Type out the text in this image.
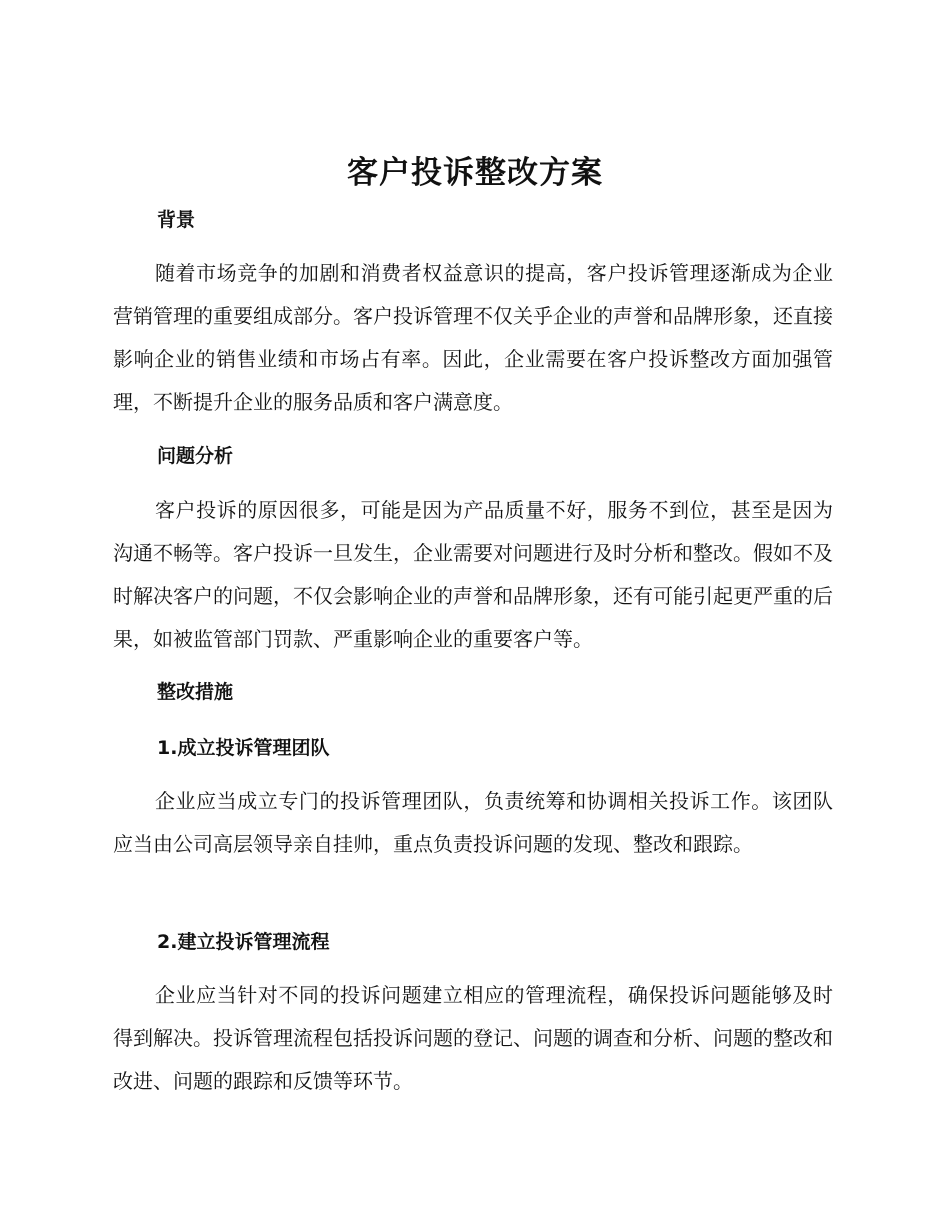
客户投诉整改方案
背景

随着市场竞争的加剧和消费者权益意识的提高，客户投诉管理逐渐成为企业营销管理的重要组成部分。客户投诉管理不仅关乎企业的声誉和品牌形象，还直接影响企业的销售业绩和市场占有率。因此，企业需要在客户投诉整改方面加强管理，不断提升企业的服务品质和客户满意度。

问题分析

客户投诉的原因很多，可能是因为产品质量不好，服务不到位，甚至是因为沟通不畅等。客户投诉一旦发生，企业需要对问题进行及时分析和整改。假如不及时解决客户的问题，不仅会影响企业的声誉和品牌形象，还有可能引起更严重的后果，如被监管部门罚款、严重影响企业的重要客户等。

整改措施
1.成立投诉管理团队

企业应当成立专门的投诉管理团队，负责统筹和协调相关投诉工作。该团队应当由公司高层领导亲自挂帅，重点负责投诉问题的发现、整改和跟踪。

2.建立投诉管理流程

企业应当针对不同的投诉问题建立相应的管理流程，确保投诉问题能够及时得到解决。投诉管理流程包括投诉问题的登记、问题的调查和分析、问题的整改和改进、问题的跟踪和反馈等环节。
